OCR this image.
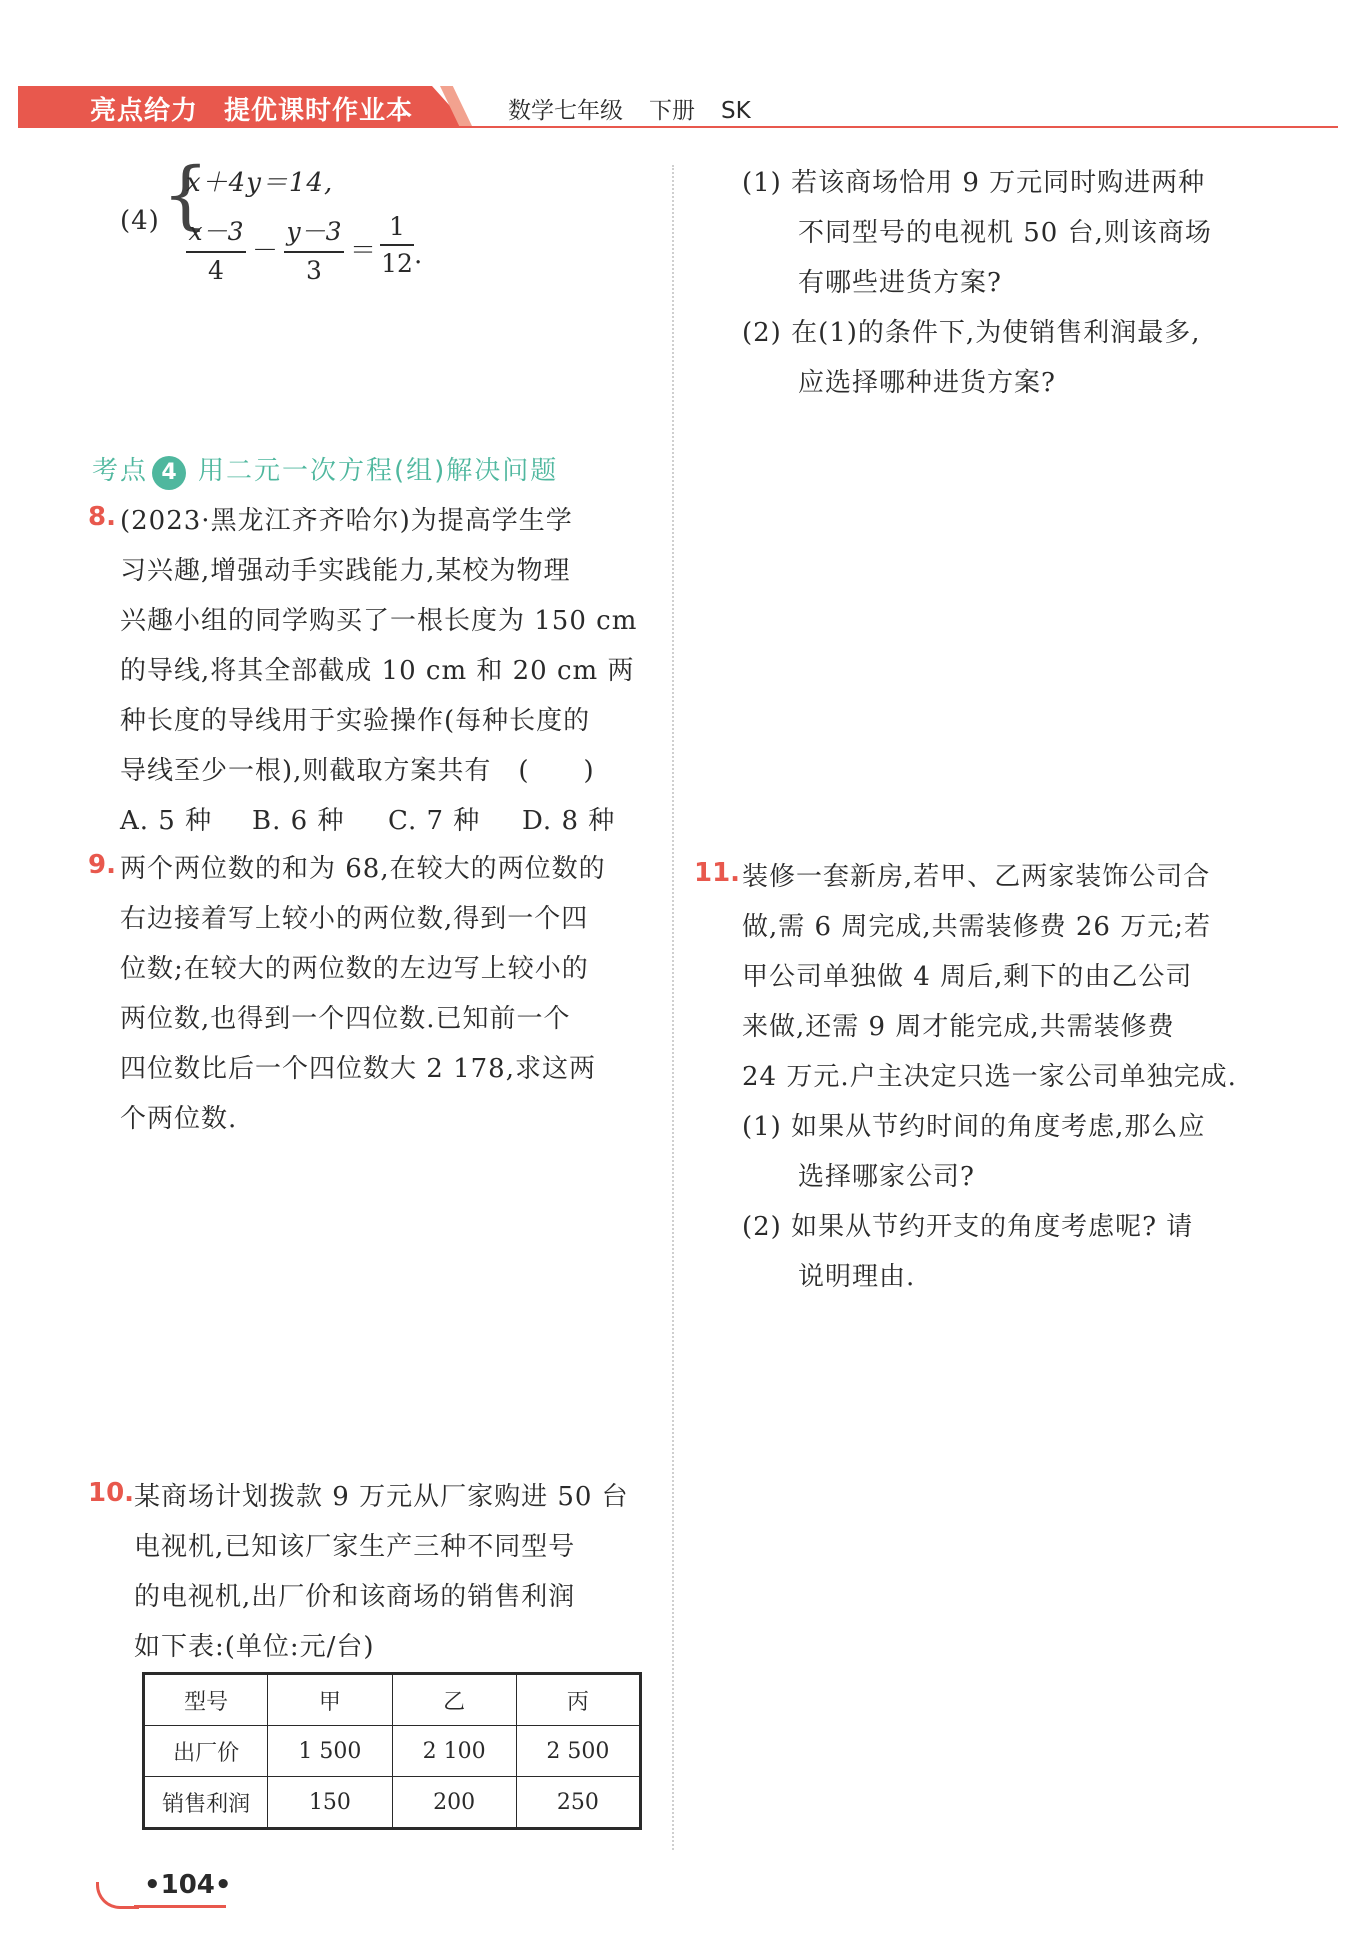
亮点给力 提优课时作业本	数学七年级 下册 SK
(4) {
x＋4y＝14,
x－3
4
－
y－3
3
＝
1
12 .
考点 4 用二元一次方程(组)解决问题
8. (2023·黑龙江齐齐哈尔)为提高学生学
习兴趣,增强动手实践能力,某校为物理
兴趣小组的同学购买了一根长度为 150 cm
的导线,将其全部截成 10 cm 和 20 cm 两
种长度的导线用于实验操作(每种长度的
导线至少一根),则截取方案共有　(　　)
A. 5 种 B. 6 种 C. 7 种 D. 8 种
9. 两个两位数的和为 68,在较大的两位数的
右边接着写上较小的两位数,得到一个四
位数;在较大的两位数的左边写上较小的
两位数,也得到一个四位数.已知前一个
四位数比后一个四位数大 2 178,求这两
个两位数.
10. 某商场计划拨款 9 万元从厂家购进 50 台
电视机,已知该厂家生产三种不同型号
的电视机,出厂价和该商场的销售利润
如下表:(单位:元/台)
型号	甲	乙	丙
出厂价	1 500	2 100	2 500
销售利润	150	200	250
(1) 若该商场恰用 9 万元同时购进两种
不同型号的电视机 50 台,则该商场
有哪些进货方案?
(2) 在(1)的条件下,为使销售利润最多,
应选择哪种进货方案?
11. 装修一套新房,若甲、乙两家装饰公司合
做,需 6 周完成,共需装修费 26 万元;若
甲公司单独做 4 周后,剩下的由乙公司
来做,还需 9 周才能完成,共需装修费
24 万元.户主决定只选一家公司单独完成.
(1) 如果从节约时间的角度考虑,那么应
选择哪家公司?
(2) 如果从节约开支的角度考虑呢? 请
说明理由.
•104•
